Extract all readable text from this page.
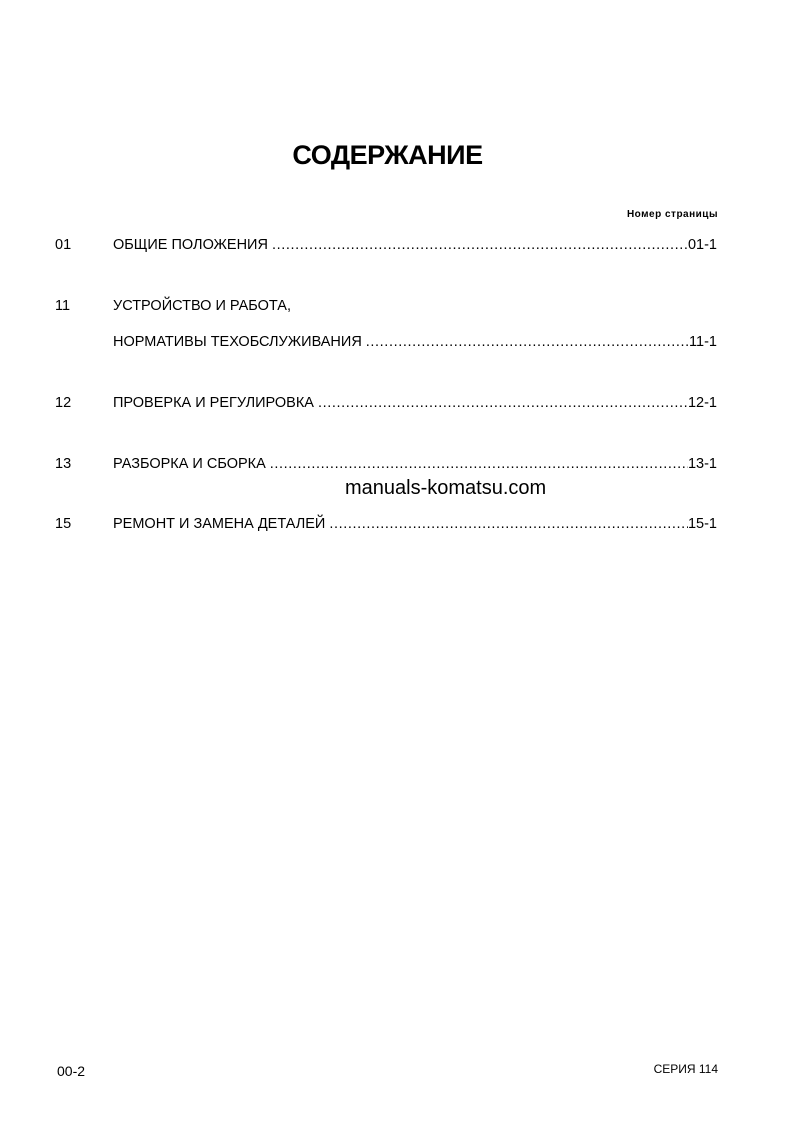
СОДЕРЖАНИЕ
Номер страницы
01	ОБЩИЕ ПОЛОЖЕНИЯ .....	01-1
11	УСТРОЙСТВО И РАБОТА,
НОРМАТИВЫ ТЕХОБСЛУЖИВАНИЯ .....	11-1
12	ПРОВЕРКА И РЕГУЛИРОВКА .....	12-1
13	РАЗБОРКА И СБОРКА .....	13-1
manuals-komatsu.com
15	РЕМОНТ И ЗАМЕНА ДЕТАЛЕЙ .....	15-1
00-2	СЕРИЯ 114
